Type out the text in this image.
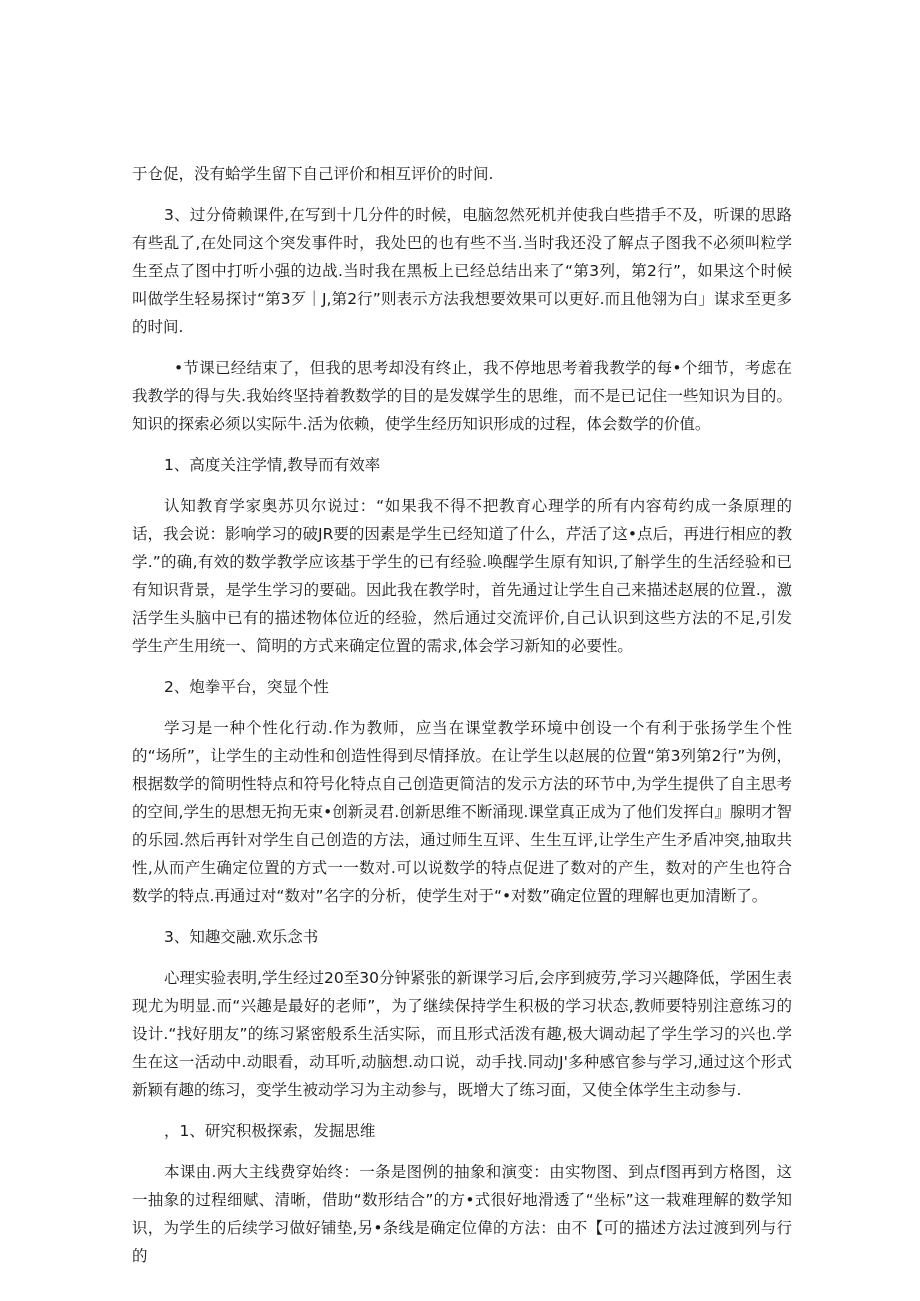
于仓促，没有蛤学生留下自己评价和相互评价的时间.

3、过分倚赖课件,在写到十几分件的时候，电脑忽然死机并使我白些措手不及，听课的思路有些乱了,在处同这个突发事件时，我处巴的也有些不当.当时我还没了解点子图我不必须叫粒学生至点了图中打听小强的边战.当时我在黑板上已经总结出来了“第3列，第2行”，如果这个时候叫做学生轻易探讨“第3歹｜J,第2行”则表示方法我想要效果可以更好.而且他翎为白」谋求至更多的时间.

•节课已经结束了，但我的思考却没有终止，我不停地思考着我教学的每•个细节，考虑在我教学的得与失.我始终坚持着教数学的目的是发媒学生的思维，而不是已记住一些知识为目的。知识的探索必须以实际牛.活为依赖，使学生经历知识形成的过程，体会数学的价值。

1、高度关注学情,教导而有效率

认知教育学家奥苏贝尔说过：“如果我不得不把教育心理学的所有内容苟约成一条原理的话，我会说：影响学习的破JR要的因素是学生已经知道了什么，芹活了这•点后，再进行相应的教学.”的确,有效的数学教学应该基于学生的已有经验.唤醒学生原有知识,了斛学生的生活经验和已有知识背景，是学生学习的要础。因此我在教学时，首先通过让学生自己来描述赵展的位置.，激活学生头脑中已有的描述物体位近的经验，然后通过交流评价,自己认识到这些方法的不足,引发学生产生用统一、简明的方式来确定位置的需求,体会学习新知的必要性。

2、炮拳平台，突显个性

学习是一种个性化行动.作为教师，应当在课堂教学环境中创设一个有利于张扬学生个性的“场所”，让学生的主动性和创造性得到尽情择放。在让学生以赵展的位置“第3列第2行”为例，根据数学的简明性特点和符号化特点自己创造更简洁的发示方法的环节中,为学生提供了自主思考的空间,学生的思想无拘无束•创新灵君.创新思维不断涌现.课堂真正成为了他们发挥白』腺明才智的乐园.然后再针对学生自己创造的方法，通过师生互评、生生互评,让学生产生矛盾冲突,抽取共性,从而产生确定位置的方式一一数对.可以说数学的特点促进了数对的产生，数对的产生也符合数学的特点.再通过对“数对”名字的分析，使学生对于“•对数”确定位置的理解也更加清断了。

3、知趣交融.欢乐念书

心理实验表明,学生经过20至30分钟紧张的新课学习后,会序到疲劳,学习兴趣降低，学困生表现尤为明显.而“兴趣是最好的老师”，为了继续保持学生积极的学习状态,教师要特别注意练习的设计.“找好朋友”的练习紧密般系生活实际，而且形式活泼有趣,极大调动起了学生学习的兴也.学生在这一活动中.动眼看，动耳听,动脑想.动口说，动手找.同动J'多种感官参与学习,通过这个形式新颖有趣的练习，变学生被动学习为主动参与，既增大了练习面，又使全体学生主动参与.

，1、研究积极探索，发掘思维

本课由.两大主线费穿始终：一条是图例的抽象和演变：由实物图、到点f图再到方格图，这一抽象的过程细赋、清晰，借助“数形结合”的方•式很好地滑透了“坐标”这一栽难理解的数学知识，为学生的后续学习做好铺垫,另•条线是确定位偉的方法：由不【可的描述方法过渡到列与行的
